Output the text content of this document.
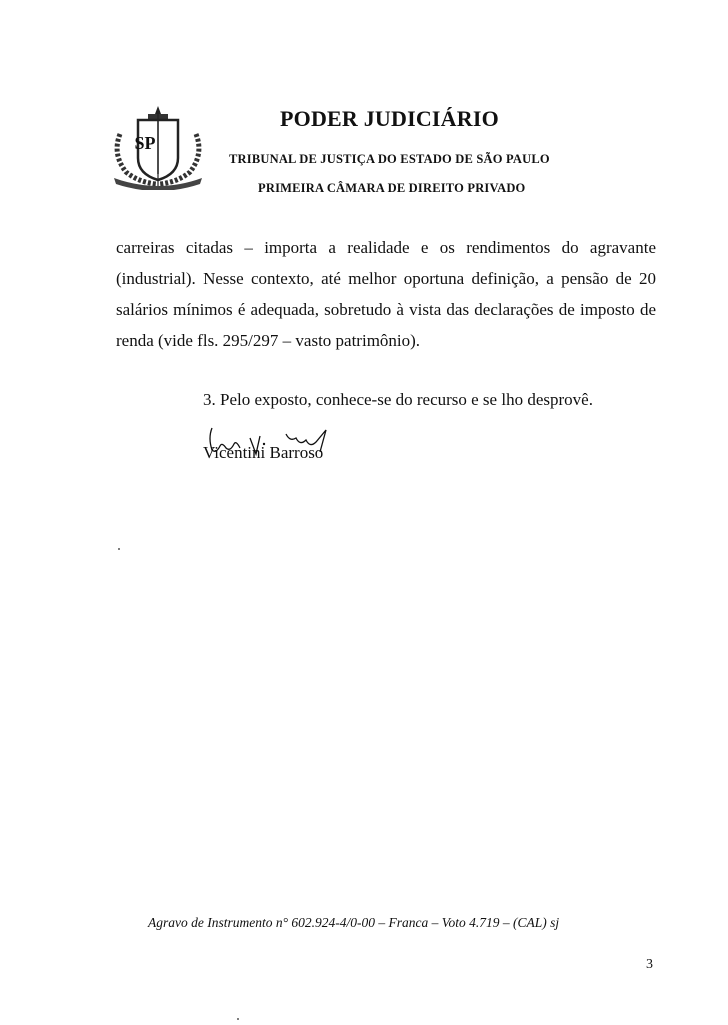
SP
PODER JUDICIÁRIO
TRIBUNAL DE JUSTIÇA DO ESTADO DE SÃO PAULO
PRIMEIRA CÂMARA DE DIREITO PRIVADO

carreiras citadas – importa a realidade e os rendimentos do agravante (industrial). Nesse contexto, até melhor oportuna definição, a pensão de 20 salários mínimos é adequada, sobretudo à vista das declarações de imposto de renda (vide fls. 295/297 – vasto patrimônio).

3. Pelo exposto, conhece-se do recurso e se lho desprovê.
Vicentini Barroso
Agravo de Instrumento n° 602.924-4/0-00 – Franca – Voto 4.719 – (CAL) sj
3
